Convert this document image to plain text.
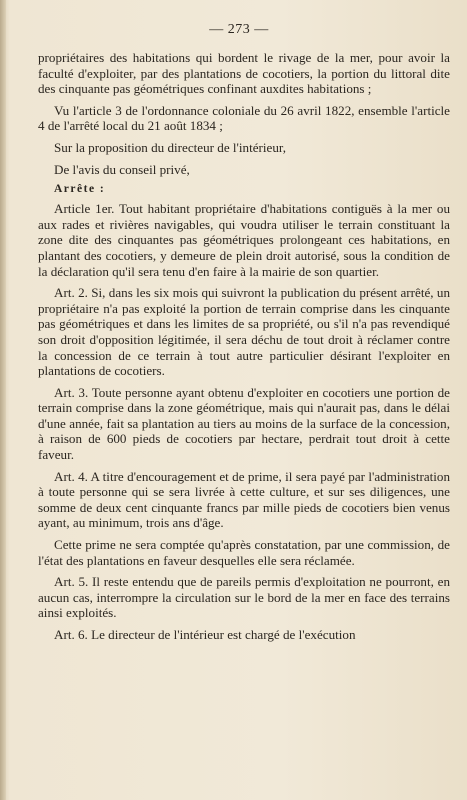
— 273 —

propriétaires des habitations qui bordent le rivage de la mer, pour avoir la faculté d'exploiter, par des plantations de cocotiers, la portion du littoral dite des cinquante pas géométriques confinant auxdites habitations ;

Vu l'article 3 de l'ordonnance coloniale du 26 avril 1822, ensemble l'article 4 de l'arrêté local du 21 août 1834 ;

Sur la proposition du directeur de l'intérieur,

De l'avis du conseil privé,

Arrête :

Article 1er. Tout habitant propriétaire d'habitations contiguës à la mer ou aux rades et rivières navigables, qui voudra utiliser le terrain constituant la zone dite des cinquantes pas géométriques prolongeant ces habitations, en plantant des cocotiers, y demeure de plein droit autorisé, sous la condition de la déclaration qu'il sera tenu d'en faire à la mairie de son quartier.

Art. 2. Si, dans les six mois qui suivront la publication du présent arrêté, un propriétaire n'a pas exploité la portion de terrain comprise dans les cinquante pas géométriques et dans les limites de sa propriété, ou s'il n'a pas revendiqué son droit d'opposition légitimée, il sera déchu de tout droit à réclamer contre la concession de ce terrain à tout autre particulier désirant l'exploiter en plantations de cocotiers.

Art. 3. Toute personne ayant obtenu d'exploiter en cocotiers une portion de terrain comprise dans la zone géométrique, mais qui n'aurait pas, dans le délai d'une année, fait sa plantation au tiers au moins de la surface de la concession, à raison de 600 pieds de cocotiers par hectare, perdrait tout droit à cette faveur.

Art. 4. A titre d'encouragement et de prime, il sera payé par l'administration à toute personne qui se sera livrée à cette culture, et sur ses diligences, une somme de deux cent cinquante francs par mille pieds de cocotiers bien venus ayant, au minimum, trois ans d'âge.

Cette prime ne sera comptée qu'après constatation, par une commission, de l'état des plantations en faveur desquelles elle sera réclamée.

Art. 5. Il reste entendu que de pareils permis d'exploitation ne pourront, en aucun cas, interrompre la circulation sur le bord de la mer en face des terrains ainsi exploités.

Art. 6. Le directeur de l'intérieur est chargé de l'exécution
